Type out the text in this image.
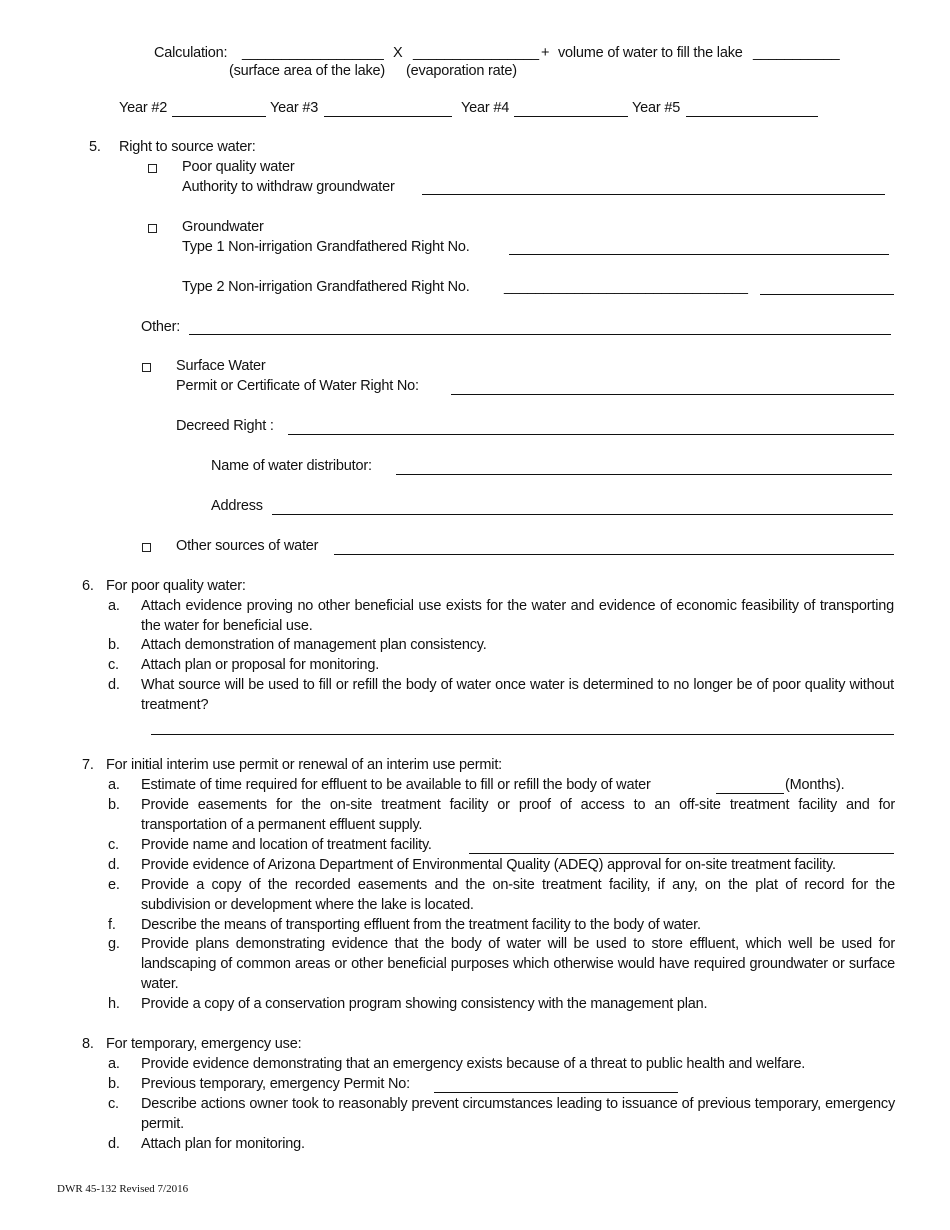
Calculation: __________________ X ________________ + volume of water to fill the lake ___________
(surface area of the lake) (evaporation rate)
Year #2	Year #3	Year #4	Year #5
5. Right to source water:
Poor quality water
Authority to withdraw groundwater
Groundwater
Type 1 Non-irrigation Grandfathered Right No.
Type 2 Non-irrigation Grandfathered Right No. _______________________________
Other:
Surface Water
Permit or Certificate of Water Right No:
Decreed Right :
Name of water distributor:
Address
Other sources of water
6. For poor quality water:
a. Attach evidence proving no other beneficial use exists for the water and evidence of economic feasibility of transporting the water for beneficial use.
b. Attach demonstration of management plan consistency.
c. Attach plan or proposal for monitoring.
d. What source will be used to fill or refill the body of water once water is determined to no longer be of poor quality without treatment?
7. For initial interim use permit or renewal of an interim use permit:
a. Estimate of time required for effluent to be available to fill or refill the body of water	(Months).
b. Provide easements for the on-site treatment facility or proof of access to an off-site treatment facility and for transportation of a permanent effluent supply.
c. Provide name and location of treatment facility.
d. Provide evidence of Arizona Department of Environmental Quality (ADEQ) approval for on-site treatment facility.
e. Provide a copy of the recorded easements and the on-site treatment facility, if any, on the plat of record for the subdivision or development where the lake is located.
f. Describe the means of transporting effluent from the treatment facility to the body of water.
g. Provide plans demonstrating evidence that the body of water will be used to store effluent, which well be used for landscaping of common areas or other beneficial purposes which otherwise would have required groundwater or surface water.
h. Provide a copy of a conservation program showing consistency with the management plan.
8. For temporary, emergency use:
a. Provide evidence demonstrating that an emergency exists because of a threat to public health and welfare.
b. Previous temporary, emergency Permit No:
c. Describe actions owner took to reasonably prevent circumstances leading to issuance of previous temporary, emergency permit.
d. Attach plan for monitoring.
DWR 45-132 Revised 7/2016
